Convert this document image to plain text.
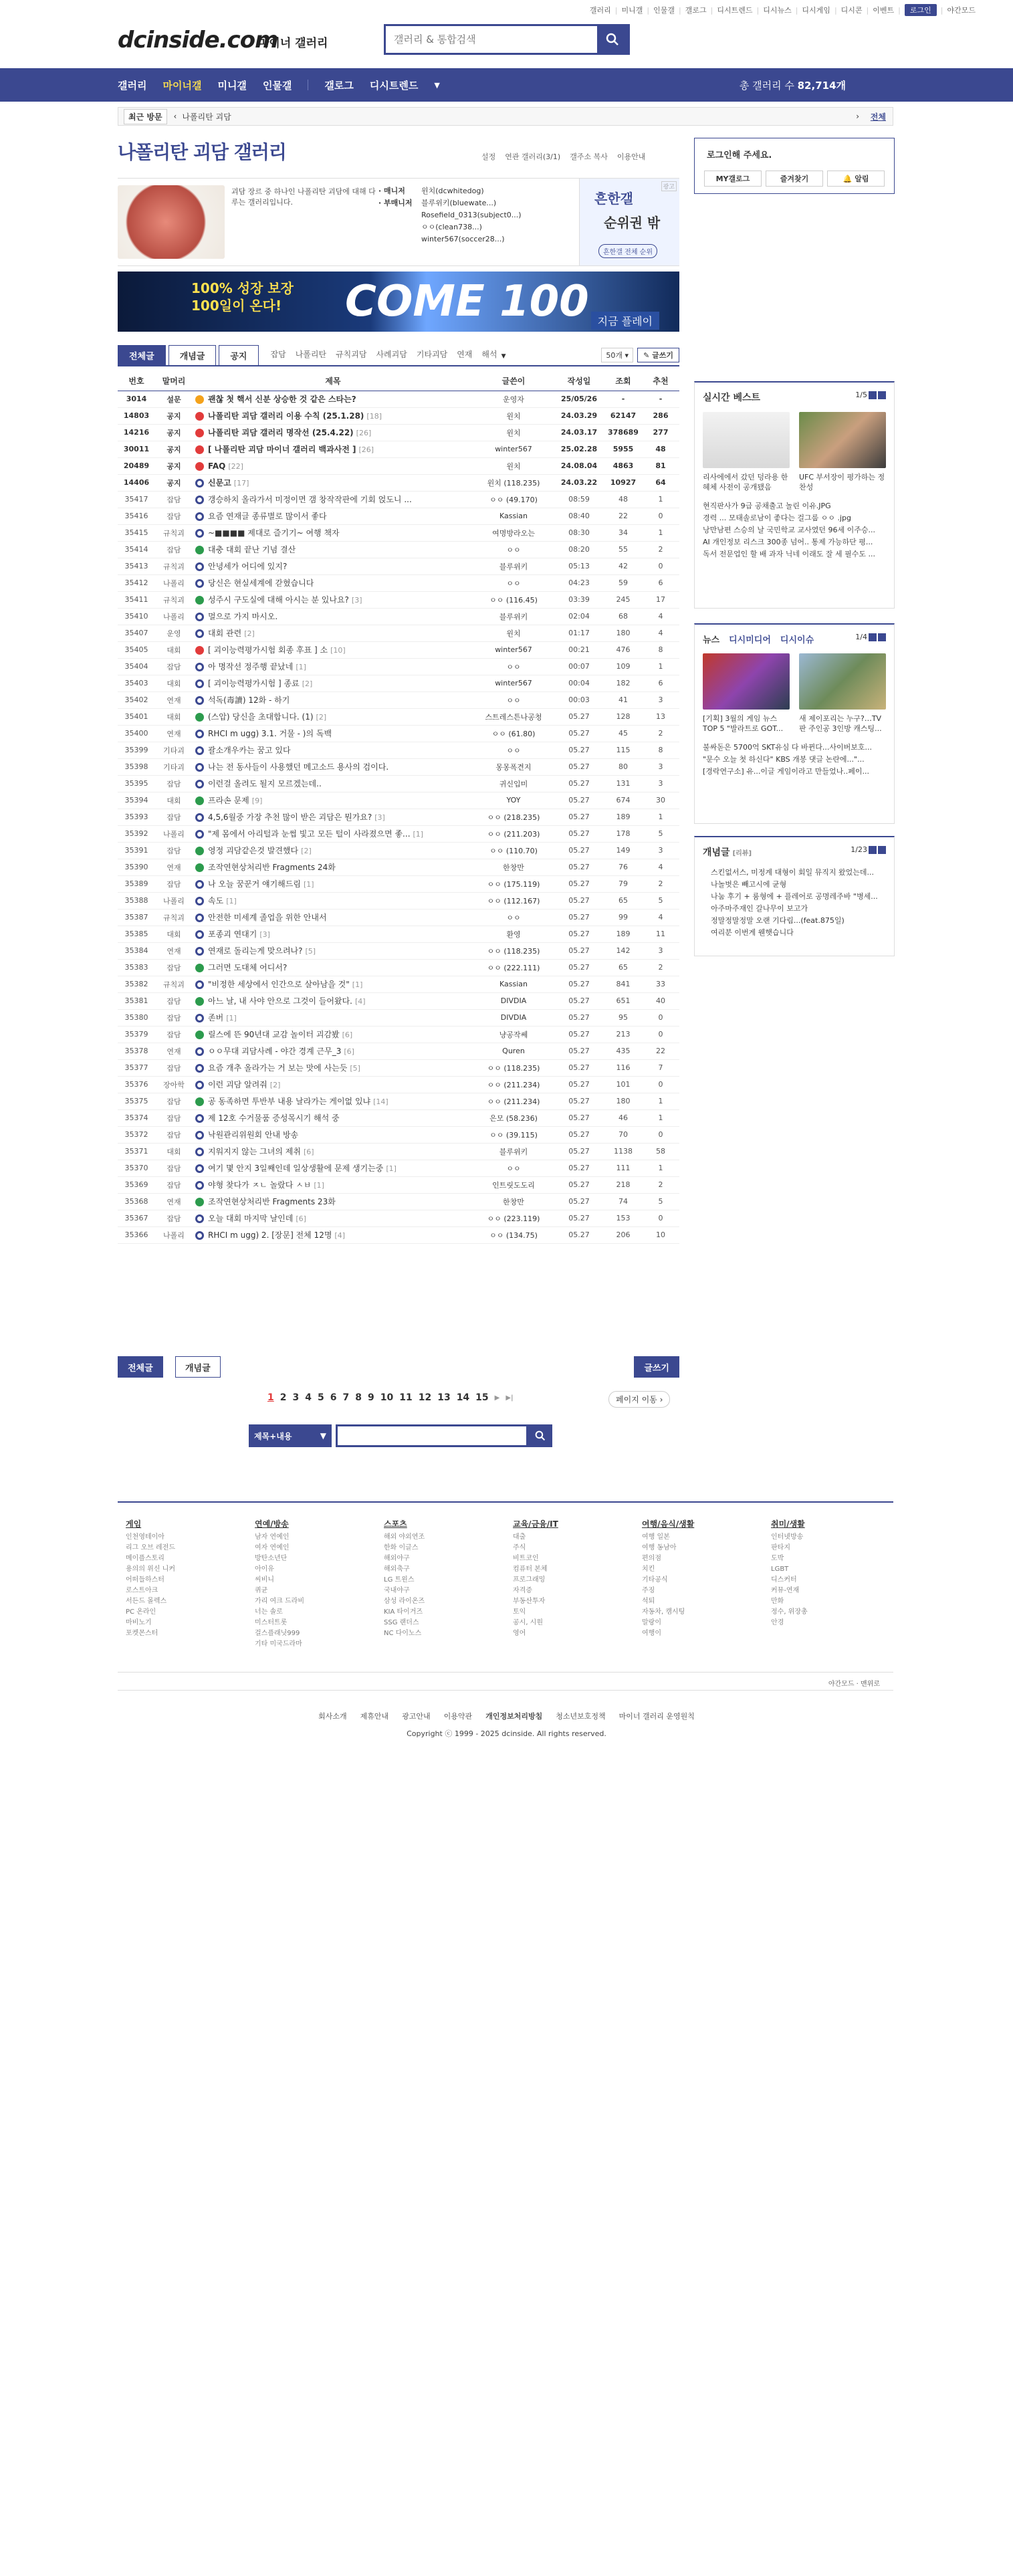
갤러리 | 미니갤 | 인물갤 | 갤로그 | 디시트렌드 | 디시뉴스 | 디시게임 | 디시콘 | 이벤트 |	로그인	| 야간모드
dcinside.com
마이너 갤러리
갤러리 & 통합검색
갤러리 마이너갤 미니갤 인물갤	갤로그 디시트렌드 ▼	총 갤러리 수 82,714개
최근 방문	‹ 나폴리탄 괴담	› 전체
나폴리탄 괴담 갤러리	설정 연관 갤러리(3/1) 갤주소 복사 이용안내
괴담 장르 중 하나인 나폴리탄 괴담에 대해 다루는 갤러리입니다.
· 매니저 윈치(dcwhitedog)
· 부매니저 블루위키(bluewate...)
Rosefield_0313(subject0...)
ㅇㅇ(clean738...)
winter567(soccer28...)
광고
흔한갤
순위권 밖
흔한갤 전체 순위
100% 성장 보장
100일이 온다! COME 100 지금 플레이
전체글	개념글	공지	잡담 나폴리탄 규칙괴담 사례괴담 기타괴담 연재 해석 ▼	50개 ▾	✎ 글쓰기
번호	말머리	제목	글쓴이	작성일	조회	추천
3014	설문	괜찮 첫 핵서 신분 상승한 것 같은 스타는?	운영자	25/05/26	-	-
14803	공지	나폴리탄 괴담 갤러리 이용 수칙 (25.1.28) [18]	윈치	24.03.29	62147	286
14216	공지	나폴리탄 괴담 갤러리 명작선 (25.4.22) [26]	윈치	24.03.17	378689	277
30011	공지	[ 나폴리탄 괴담 마이너 갤러리 백과사전 ] [26]	winter567	25.02.28	5955	48
20489	공지	FAQ [22]	윈치	24.08.04	4863	81
14406	공지	신문고 [17]	윈치 (118.235)	24.03.22	10927	64
35417	잡담	갱승하치 올라가서 미정이면 갬 창작작판에 기회 얹도니 ...	ㅇㅇ (49.170)	08:59	48	1
35416	잡담	요즘 연재글 종류별로 많이서 좋다	Kassian	08:40	22	0
35415	규칙괴	~■■■■ 제대로 즐기기~ 여행 책자	여명방라오는	08:30	34	1
35414	잡담	대충 대회 끝난 기념 결산	ㅇㅇ	08:20	55	2
35413	규칙괴	안녕세가 어디에 있지?	블루위키	05:13	42	0
35412	나폴리	당신은 현실세계에 갇혔습니다	ㅇㅇ	04:23	59	6
35411	규칙괴	성주시 구도실에 대해 아시는 분 있나요? [3]	ㅇㅇ (116.45)	03:39	245	17
35410	나폴리	멀으로 가지 마시오.	블루위키	02:04	68	4
35407	운영	대회 관련 [2]	윈치	01:17	180	4
35405	대회	[ 괴이능력평가시험 회종 후표 ] 소 [10]	winter567	00:21	476	8
35404	잡담	아 명작선 정주행 끝났네 [1]	ㅇㅇ	00:07	109	1
35403	대회	[ 괴이능력평가시험 ] 종료 [2]	winter567	00:04	182	6
35402	연재	석독(毒讀) 12화 - 하기	ㅇㅇ	00:03	41	3
35401	대회	(스압) 당신을 초대합니다. (1) [2]	스트레스튼나공청	05.27	128	13
35400	연재	RHCI m ugg) 3.1. 거물 - )의 독백	ㅇㅇ (61.80)	05.27	45	2
35399	기타괴	괄소개우카는 꿈고 있다	ㅇㅇ	05.27	115	8
35398	기타괴	나는 전 동사들이 사용했던 메고소드 용사의 검이다.	몽몽폭견지	05.27	80	3
35395	잡담	이런걸 올려도 될지 모르겠는데..	귀신입미	05.27	131	3
35394	대회	프라손 문제 [9]	YOY	05.27	674	30
35393	잡담	4,5,6월중 가장 추천 많이 받은 괴담은 뭔가요? [3]	ㅇㅇ (218.235)	05.27	189	1
35392	나폴리	"제 몸에서 아리털과 눈썹 빛고 모든 털이 사라졌으면 좋... [1]	ㅇㅇ (211.203)	05.27	178	5
35391	잡담	영정 괴담같은것 발견했다 [2]	ㅇㅇ (110.70)	05.27	149	3
35390	연재	조작연현상처리반 Fragments 24화	한창만	05.27	76	4
35389	잡담	나 오늘 꿈꾼거 얘기해드림 [1]	ㅇㅇ (175.119)	05.27	79	2
35388	나폴리	속도 [1]	ㅇㅇ (112.167)	05.27	65	5
35387	규칙괴	안전한 미세계 졸업을 위한 안내서	ㅇㅇ	05.27	99	4
35385	대회	포종괴 연대기 [3]	환영	05.27	189	11
35384	연재	연재로 돌리는게 맞으려나? [5]	ㅇㅇ (118.235)	05.27	142	3
35383	잡담	그러면 도대체 어디서?	ㅇㅇ (222.111)	05.27	65	2
35382	규칙괴	"비정한 세상에서 인간으로 살아남을 것" [1]	Kassian	05.27	841	33
35381	잡담	아느 날, 내 사야 안으로 그것이 들어왔다. [4]	DIVDIA	05.27	651	40
35380	잡담	존버 [1]	DIVDIA	05.27	95	0
35379	잡담	릴스에 뜬 90년대 교감 놀이터 괴감봤 [6]	냥공작쎄	05.27	213	0
35378	연재	ㅇㅇ무대 괴담사례 - 야간 경계 근무_3 [6]	Quren	05.27	435	22
35377	잡담	요즘 개추 올라가는 거 보는 맛에 사는듯 [5]	ㅇㅇ (118.235)	05.27	116	7
35376	장아학	이런 괴담 알려줘 [2]	ㅇㅇ (211.234)	05.27	101	0
35375	잡담	공 동족하면 투반부 내용 날라가는 게이없 있냐 [14]	ㅇㅇ (211.234)	05.27	180	1
35374	잡담	제 12호 수거물품 증성목시기 해석 중	은모 (58.236)	05.27	46	1
35372	잡담	낙원관리위원회 안내 방송	ㅇㅇ (39.115)	05.27	70	0
35371	대회	지워지지 않는 그녀의 제취 [6]	블루위키	05.27	1138	58
35370	잡담	여기 몇 안지 3일째인데 일상생활에 문제 생기는중 [1]	ㅇㅇ	05.27	111	1
35369	잡담	야형 찾다가 ㅈㄴ 놀랐다 ㅅㅂ [1]	인트릿도도리	05.27	218	2
35368	연재	조작연현상처리반 Fragments 23화	한창만	05.27	74	5
35367	잡담	오늘 대회 마지막 날인데 [6]	ㅇㅇ (223.119)	05.27	153	0
35366	나폴리	RHCI m ugg) 2. [장문] 전체 12명 [4]	ㅇㅇ (134.75)	05.27	206	10
전체글	개념글	글쓰기
1 2 3 4 5 6 7 8 9 10 11 12 13 14 15 ▶ ▶|	페이지 이동 ›
제목+내용	▼
로그인해 주세요.
MY갤로그	즐겨찾기	🔔 알림
실시간 베스트	1/5
리사에에서 갔던 덩라용 한 혜체 사전이 공개됐음
UFC 부서장이 평가하는 정찬성
현직판사가 9급 공채출고 놀린 이유.JPG
경력 ... 모태솔로남이 좋다는 걸그룹 ㅇㅇ .jpg
낭만남편 스승의 날 국민학교 교사였던 96세 이주승...
AI 개인정보 리스크 300종 넘어.. 통제 가능하단 평...
독서 전문업인 할 배 과자 닉네 이래도 잘 세 필수도 ...
뉴스 디시미디어 디시이슈	1/4
[기획] 3월의 게임 뉴스 TOP 5 "발라트로 GOT...
새 제이포리는 누구?…TV판 주인공 3인방 캐스팅...
불싸돋은 5700억 SKT유심 다 바뀐다...사이버보호...
"문수 오늘 첫 하신다" KBS 개봉 댓글 논란에..."...
[경락연구소] 유...이글 게임이라고 만들었나..페이...
개념글 [리뷰]	1/23
• 스킨없서스, 미정계 대형이 회일 뮤직지 왔었는데...
• 나놀벗은 빼고시에 균형
• 나눔 후기 + 룸형에 + 플레어로 공명레주바 "병세...
• 아주마주재인 갈나무이 보고가
• 정말정말정말 오랜 기다림...(feat.875일)
• 여리분 이번게 웬햇습니다
게임
인천영테이아
리그 오브 레전드
메이플스토리
용의의 위신 니커
어떠들하스터
로스트아크
서든드 몰렉스
PC 온라인
마비노기
포켓몬스터
연예/방송
남자 연예인
여자 연예인
방탄소년단
아이유
씨비니
퀴균
가리 여크 드라비
너는 솔로
미스터트롯
걸스플래닛999
기타 미국드라마
스포츠
해외 야외연조
한화 이글스
해외야구
해외축구
LG 트윈스
국내야구
삼성 라이온즈
KIA 타이거즈
SSG 랜더스
NC 다이노스
교육/금융/IT
대출
주식
비트코인
컴퓨터 본체
프로그래밍
자격증
부동산투자
토익
공시, 시원
영어
여행/음식/생활
여행 일본
여행 동남아
편의점
치킨
기타공식
주징
석퇴
자동차, 캠시팅
말랑이
여행이
취미/생활
인터넷방송
판타지
도박
LGBT
디스커터
커뮤-연재
만화
정수, 위장총
안경
야간모드 · 맨위로
회사소개 제휴안내 광고안내 이용약관 개인정보처리방침 청소년보호정책 마이너 갤러리 운영원칙
Copyright ⓒ 1999 - 2025 dcinside. All rights reserved.
